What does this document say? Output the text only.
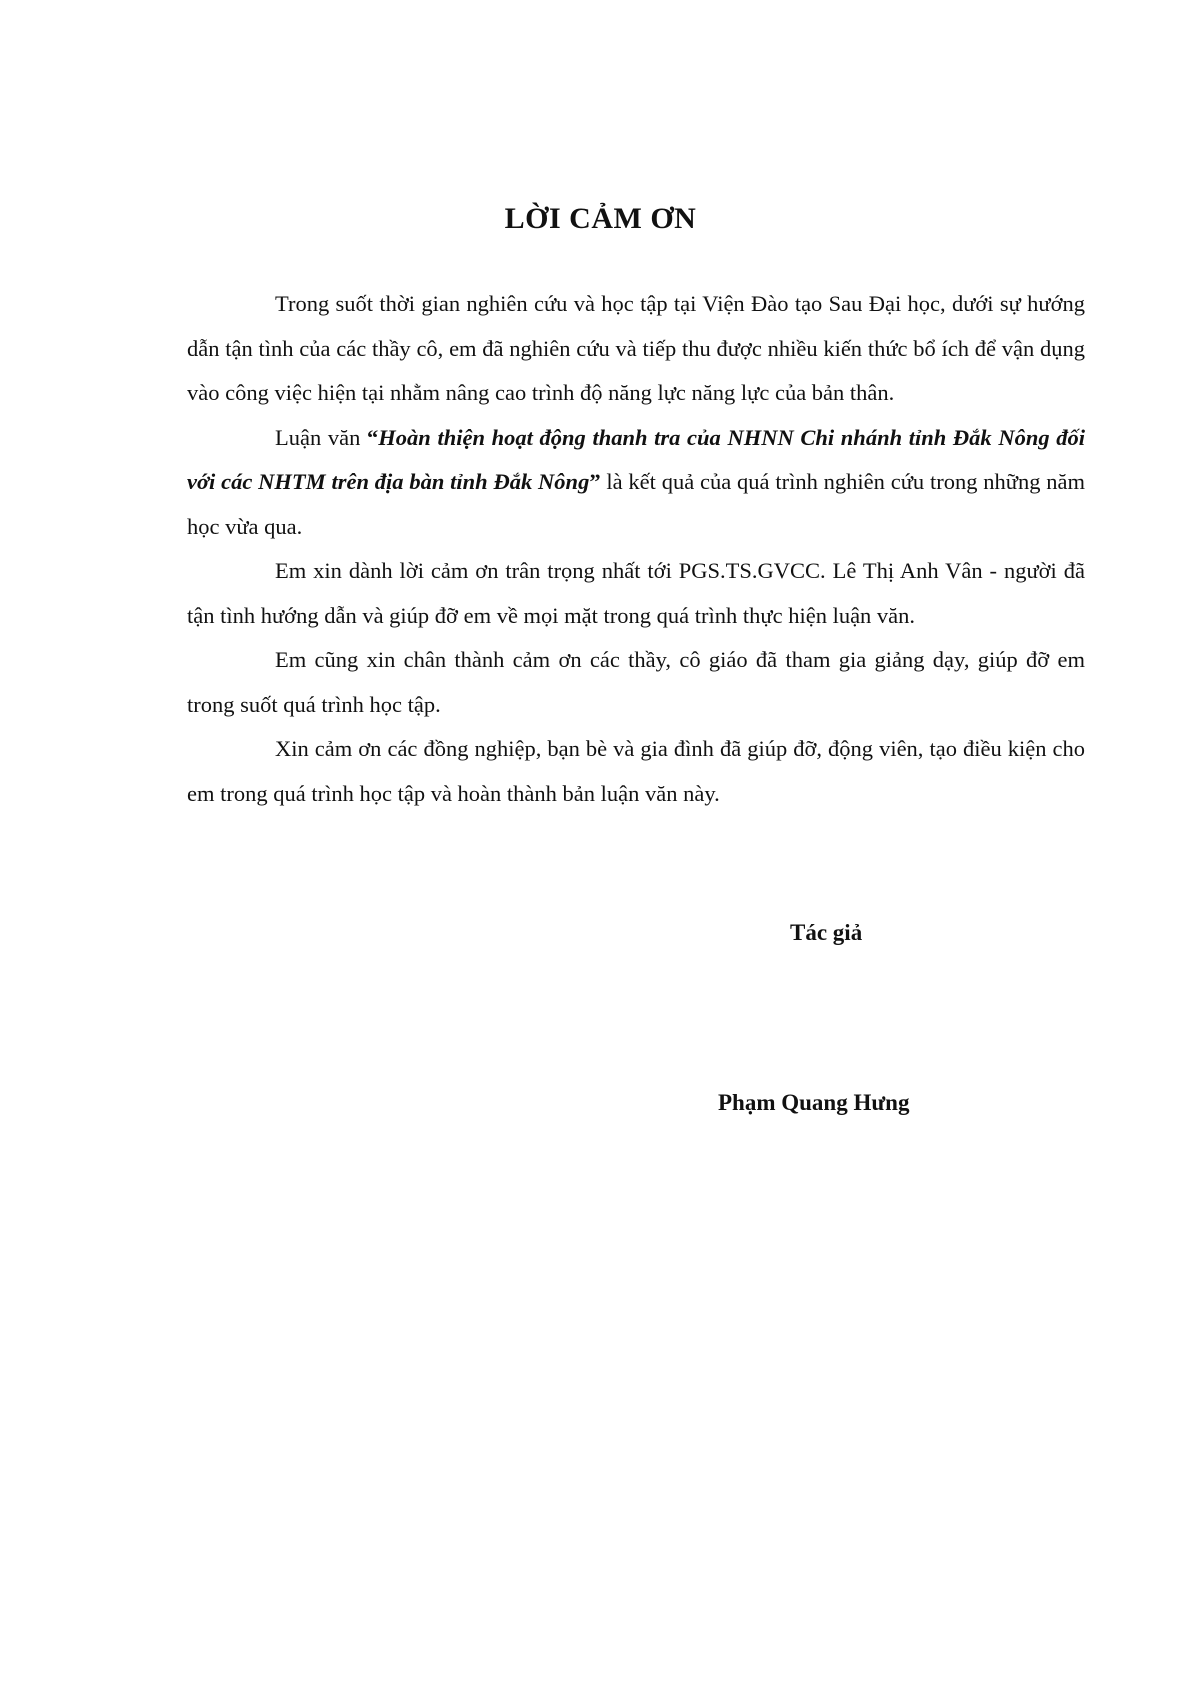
LỜI CẢM ƠN

Trong suốt thời gian nghiên cứu và học tập tại Viện Đào tạo Sau Đại học, dưới sự hướng dẫn tận tình của các thầy cô, em đã nghiên cứu và tiếp thu được nhiều kiến thức bổ ích để vận dụng vào công việc hiện tại nhằm nâng cao trình độ năng lực năng lực của bản thân.

Luận văn “Hoàn thiện hoạt động thanh tra của NHNN Chi nhánh tỉnh Đắk Nông đối với các NHTM trên địa bàn tỉnh Đắk Nông” là kết quả của quá trình nghiên cứu trong những năm học vừa qua.

Em xin dành lời cảm ơn trân trọng nhất tới PGS.TS.GVCC. Lê Thị Anh Vân - người đã tận tình hướng dẫn và giúp đỡ em về mọi mặt trong quá trình thực hiện luận văn.

Em cũng xin chân thành cảm ơn các thầy, cô giáo đã tham gia giảng dạy, giúp đỡ em trong suốt quá trình học tập.

Xin cảm ơn các đồng nghiệp, bạn bè và gia đình đã giúp đỡ, động viên, tạo điều kiện cho em trong quá trình học tập và hoàn thành bản luận văn này.

Tác giả

Phạm Quang Hưng
